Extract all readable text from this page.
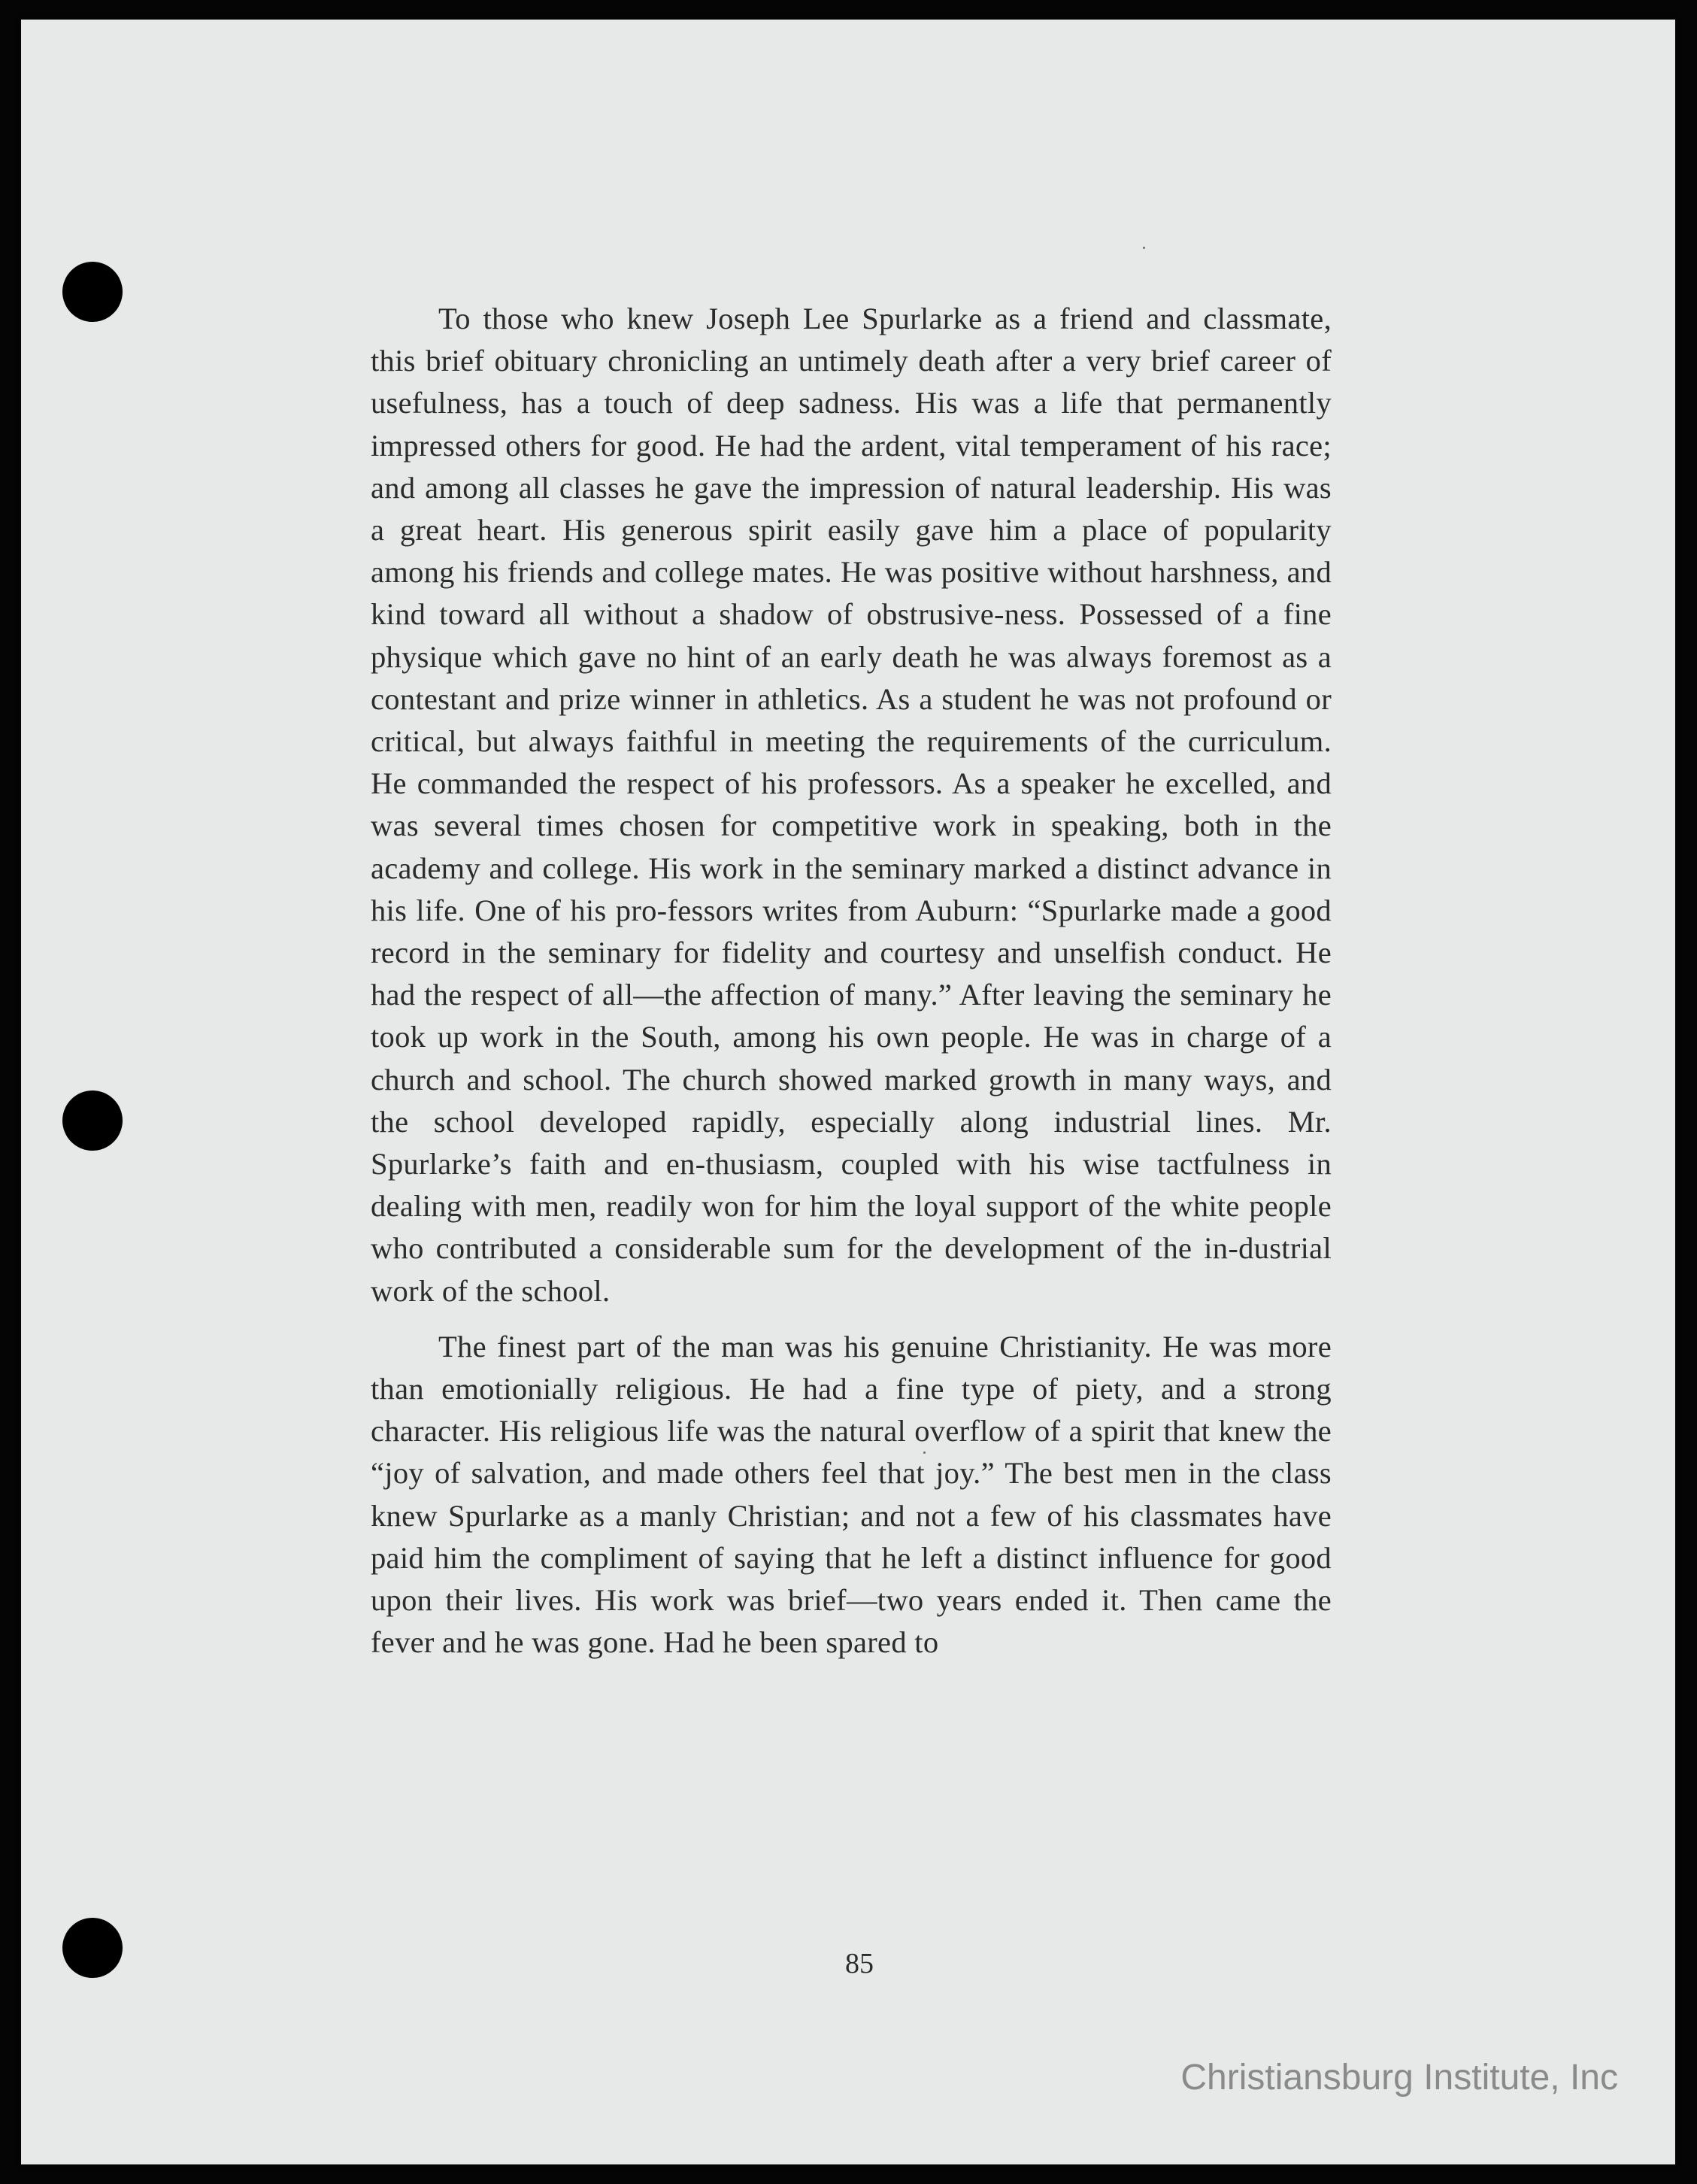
To those who knew Joseph Lee Spurlarke as a friend and classmate, this brief obituary chronicling an untimely death after a very brief career of usefulness, has a touch of deep sadness. His was a life that permanently impressed others for good. He had the ardent, vital temperament of his race; and among all classes he gave the impression of natural leadership. His was a great heart. His generous spirit easily gave him a place of popularity among his friends and college mates. He was positive without harshness, and kind toward all without a shadow of obstrusive-ness. Possessed of a fine physique which gave no hint of an early death he was always foremost as a contestant and prize winner in athletics. As a student he was not profound or critical, but always faithful in meeting the requirements of the curriculum. He commanded the respect of his professors. As a speaker he excelled, and was several times chosen for competitive work in speaking, both in the academy and college. His work in the seminary marked a distinct advance in his life. One of his pro-fessors writes from Auburn: “Spurlarke made a good record in the seminary for fidelity and courtesy and unselfish conduct. He had the respect of all—the affection of many.” After leaving the seminary he took up work in the South, among his own people. He was in charge of a church and school. The church showed marked growth in many ways, and the school developed rapidly, especially along industrial lines. Mr. Spurlarke’s faith and en-thusiasm, coupled with his wise tactfulness in dealing with men, readily won for him the loyal support of the white people who contributed a considerable sum for the development of the in-dustrial work of the school.

The finest part of the man was his genuine Christianity. He was more than emotionially religious. He had a fine type of piety, and a strong character. His religious life was the natural overflow of a spirit that knew the “joy of salvation, and made others feel that joy.” The best men in the class knew Spurlarke as a manly Christian; and not a few of his classmates have paid him the compliment of saying that he left a distinct influence for good upon their lives. His work was brief—two years ended it. Then came the fever and he was gone. Had he been spared to

85
Christiansburg Institute, Inc
